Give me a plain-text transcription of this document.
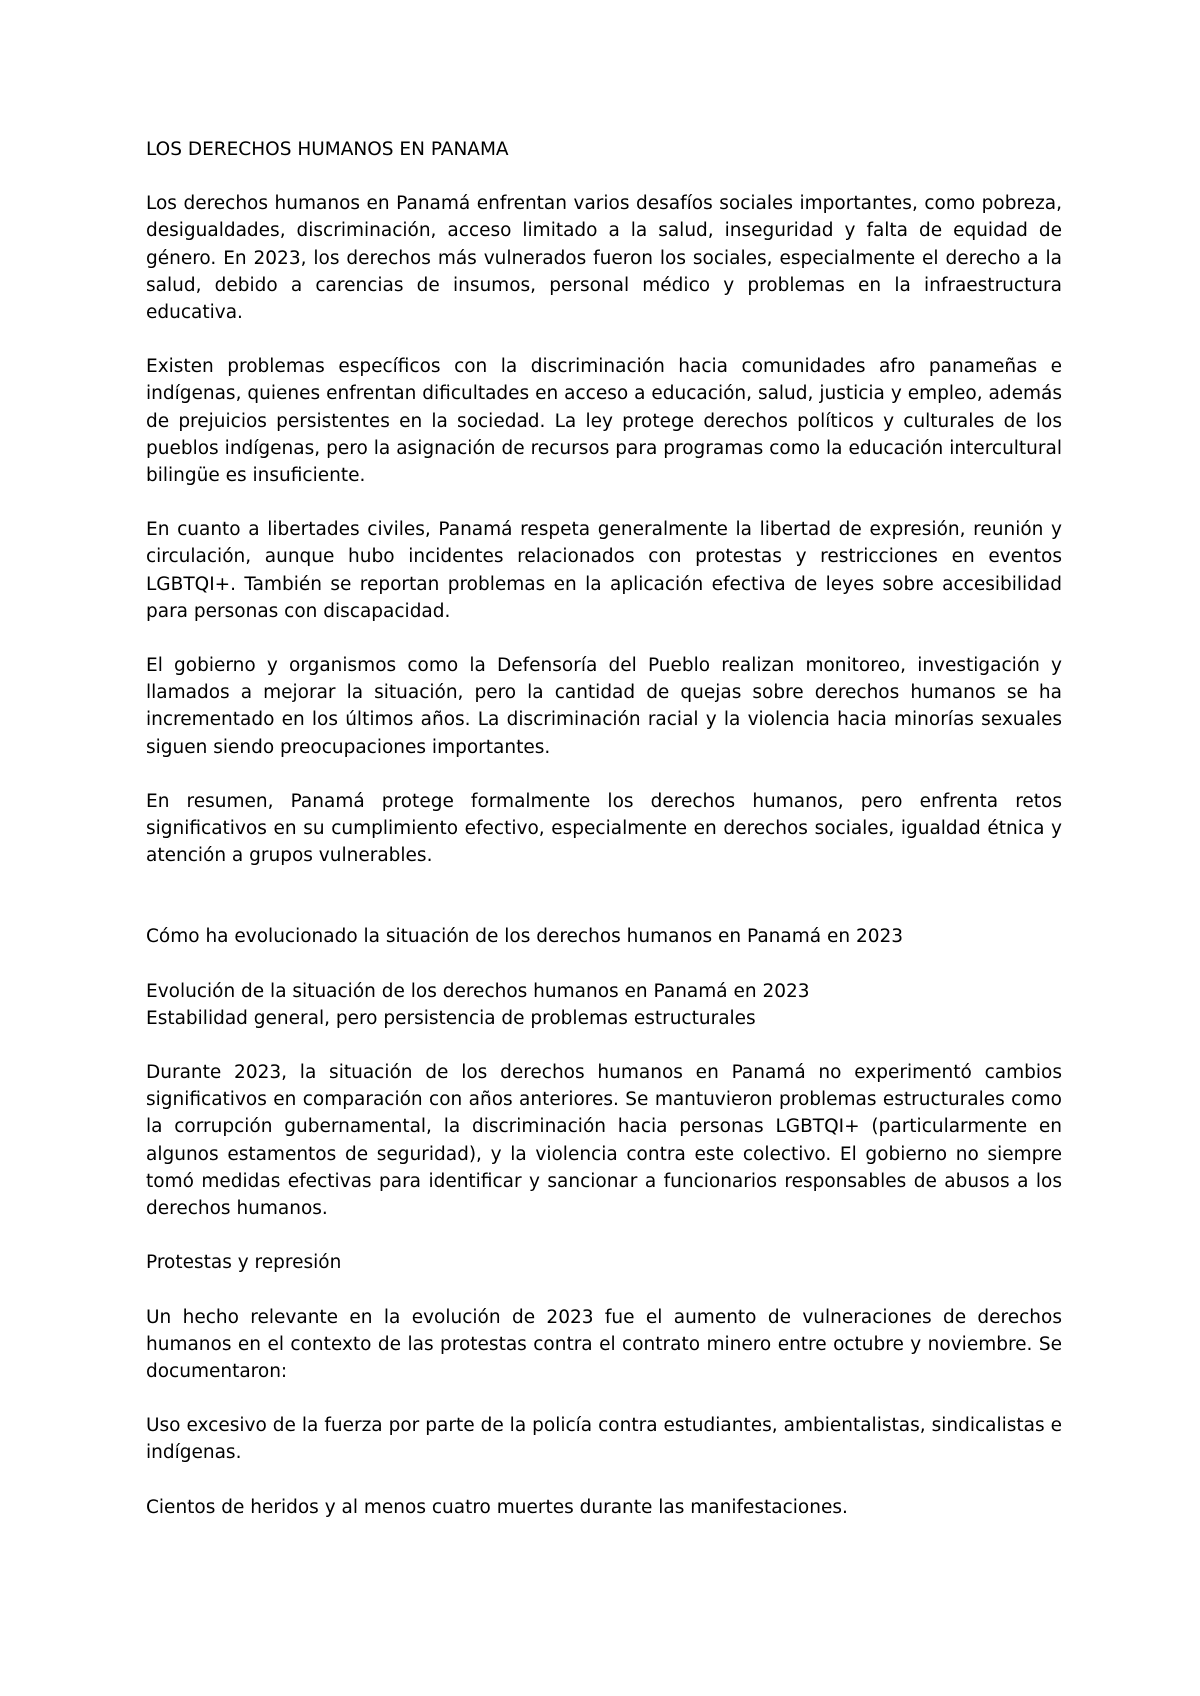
LOS DERECHOS HUMANOS EN PANAMA

Los derechos humanos en Panamá enfrentan varios desafíos sociales importantes, como pobreza, desigualdades, discriminación, acceso limitado a la salud, inseguridad y falta de equidad de género. En 2023, los derechos más vulnerados fueron los sociales, especialmente el derecho a la salud, debido a carencias de insumos, personal médico y problemas en la infraestructura educativa.

Existen problemas específicos con la discriminación hacia comunidades afro panameñas e indígenas, quienes enfrentan dificultades en acceso a educación, salud, justicia y empleo, además de prejuicios persistentes en la sociedad. La ley protege derechos políticos y culturales de los pueblos indígenas, pero la asignación de recursos para programas como la educación intercultural bilingüe es insuficiente.

En cuanto a libertades civiles, Panamá respeta generalmente la libertad de expresión, reunión y circulación, aunque hubo incidentes relacionados con protestas y restricciones en eventos LGBTQI+. También se reportan problemas en la aplicación efectiva de leyes sobre accesibilidad para personas con discapacidad.

El gobierno y organismos como la Defensoría del Pueblo realizan monitoreo, investigación y llamados a mejorar la situación, pero la cantidad de quejas sobre derechos humanos se ha incrementado en los últimos años. La discriminación racial y la violencia hacia minorías sexuales siguen siendo preocupaciones importantes.

En resumen, Panamá protege formalmente los derechos humanos, pero enfrenta retos significativos en su cumplimiento efectivo, especialmente en derechos sociales, igualdad étnica y atención a grupos vulnerables.

Cómo ha evolucionado la situación de los derechos humanos en Panamá en 2023

Evolución de la situación de los derechos humanos en Panamá en 2023

Estabilidad general, pero persistencia de problemas estructurales

Durante 2023, la situación de los derechos humanos en Panamá no experimentó cambios significativos en comparación con años anteriores. Se mantuvieron problemas estructurales como la corrupción gubernamental, la discriminación hacia personas LGBTQI+ (particularmente en algunos estamentos de seguridad), y la violencia contra este colectivo. El gobierno no siempre tomó medidas efectivas para identificar y sancionar a funcionarios responsables de abusos a los derechos humanos.

Protestas y represión

Un hecho relevante en la evolución de 2023 fue el aumento de vulneraciones de derechos humanos en el contexto de las protestas contra el contrato minero entre octubre y noviembre. Se documentaron:

Uso excesivo de la fuerza por parte de la policía contra estudiantes, ambientalistas, sindicalistas e indígenas.

Cientos de heridos y al menos cuatro muertes durante las manifestaciones.
